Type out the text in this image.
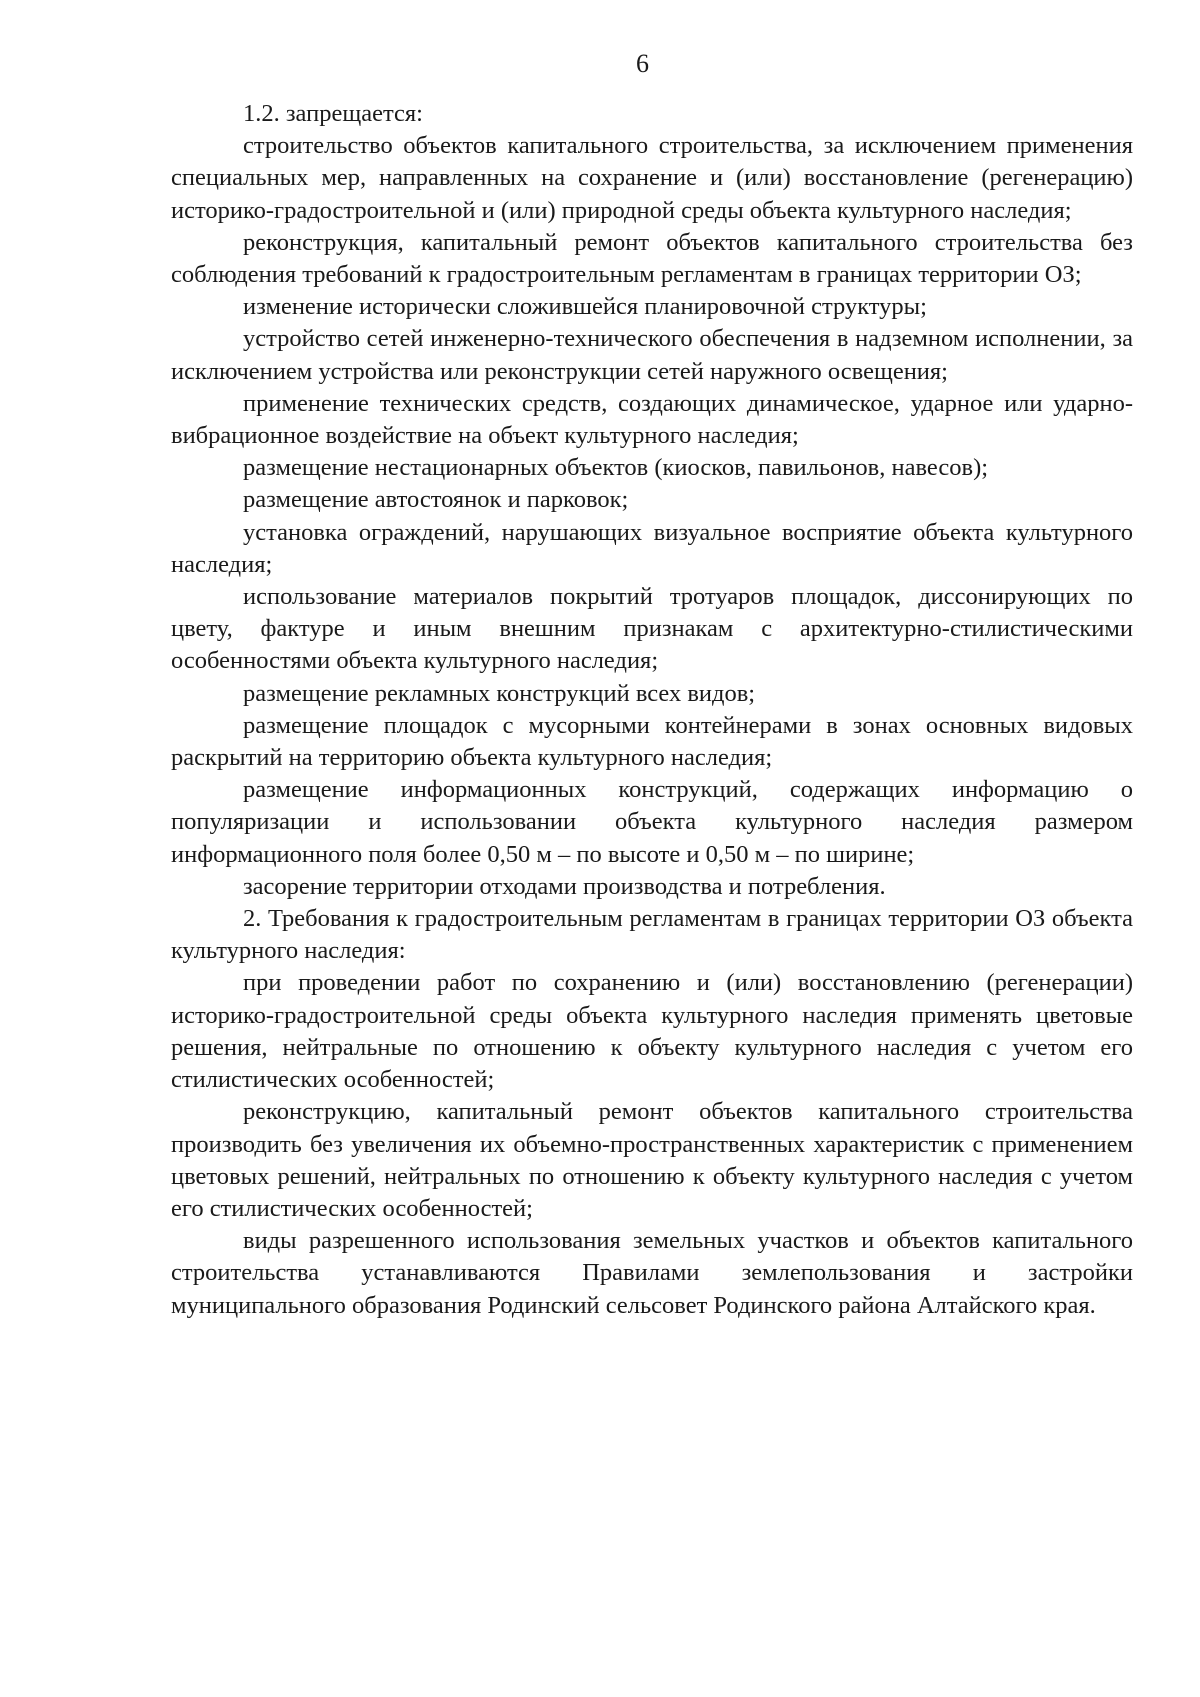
6

1.2. запрещается:

строительство объектов капитального строительства, за исключением применения специальных мер, направленных на сохранение и (или) восстановление (регенерацию) историко-градостроительной и (или) природной среды объекта культурного наследия;

реконструкция, капитальный ремонт объектов капитального строительства без соблюдения требований к градостроительным регламентам в границах территории ОЗ;

изменение исторически сложившейся планировочной структуры;

устройство сетей инженерно-технического обеспечения в надземном исполнении, за исключением устройства или реконструкции сетей наружного освещения;

применение технических средств, создающих динамическое, ударное или ударно-вибрационное воздействие на объект культурного наследия;

размещение нестационарных объектов (киосков, павильонов, навесов);

размещение автостоянок и парковок;

установка ограждений, нарушающих визуальное восприятие объекта культурного наследия;

использование материалов покрытий тротуаров площадок, диссонирующих по цвету, фактуре и иным внешним признакам с архитектурно-стилистическими особенностями объекта культурного наследия;

размещение рекламных конструкций всех видов;

размещение площадок с мусорными контейнерами в зонах основных видовых раскрытий на территорию объекта культурного наследия;

размещение информационных конструкций, содержащих информацию о популяризации и использовании объекта культурного наследия размером информационного поля более 0,50 м – по высоте и 0,50 м – по ширине;

засорение территории отходами производства и потребления.

2. Требования к градостроительным регламентам в границах территории ОЗ объекта культурного наследия:

при проведении работ по сохранению и (или) восстановлению (регенерации) историко-градостроительной среды объекта культурного наследия применять цветовые решения, нейтральные по отношению к объекту культурного наследия с учетом его стилистических особенностей;

реконструкцию, капитальный ремонт объектов капитального строительства производить без увеличения их объемно-пространственных характеристик с применением цветовых решений, нейтральных по отношению к объекту культурного наследия с учетом его стилистических особенностей;

виды разрешенного использования земельных участков и объектов капитального строительства устанавливаются Правилами землепользования и застройки муниципального образования Родинский сельсовет Родинского района Алтайского края.
